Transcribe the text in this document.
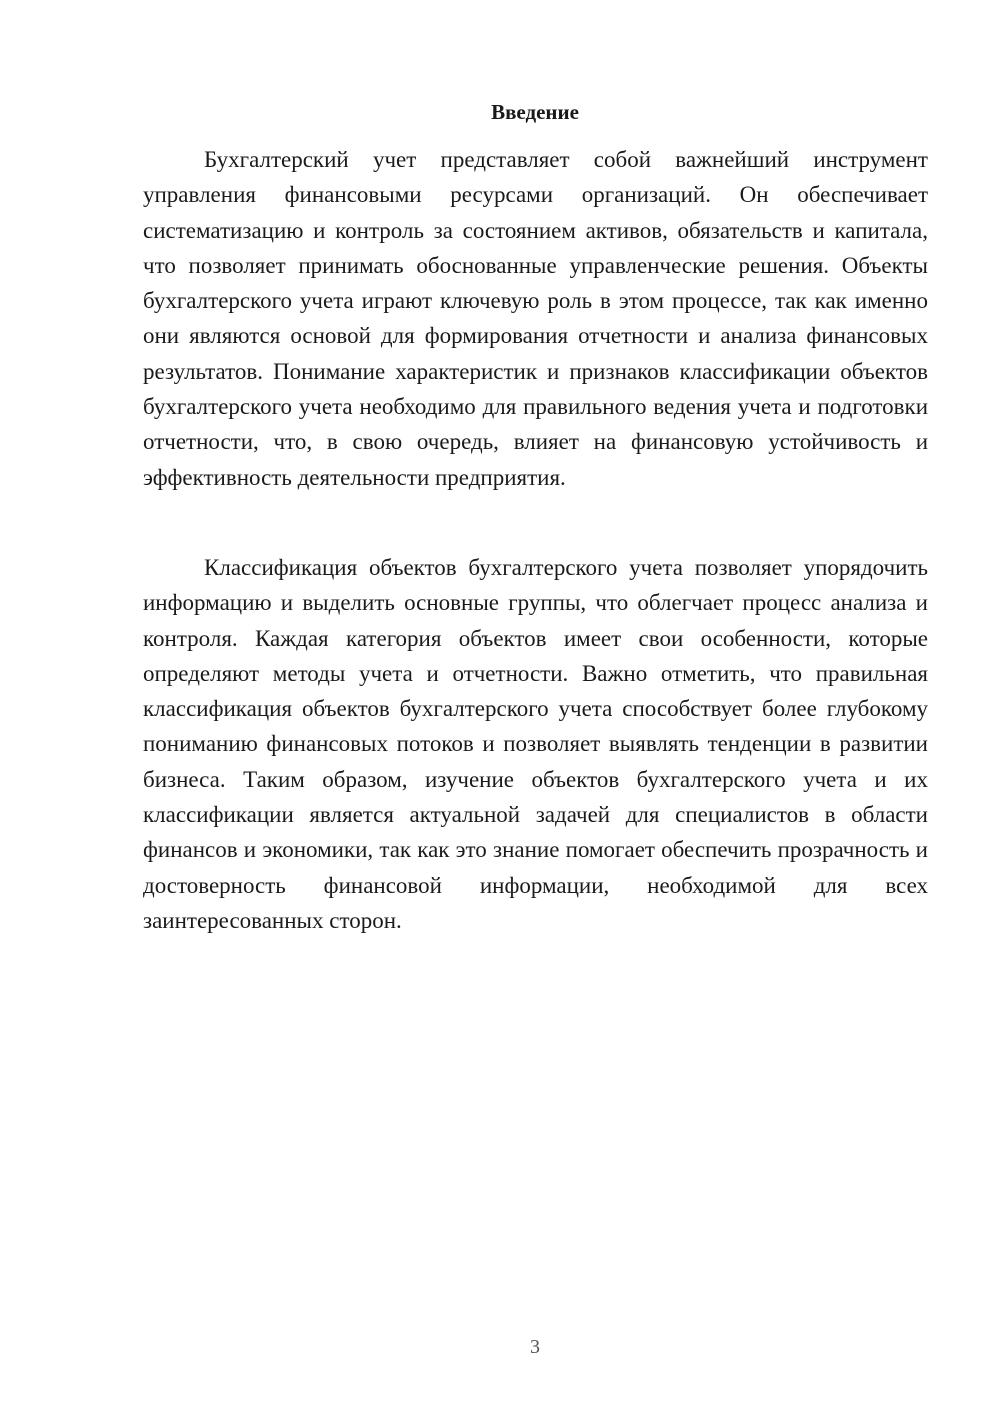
Введение

Бухгалтерский учет представляет собой важнейший инструмент управления финансовыми ресурсами организаций. Он обеспечивает систематизацию и контроль за состоянием активов, обязательств и капитала, что позволяет принимать обоснованные управленческие решения. Объекты бухгалтерского учета играют ключевую роль в этом процессе, так как именно они являются основой для формирования отчетности и анализа финансовых результатов. Понимание характеристик и признаков классификации объектов бухгалтерского учета необходимо для правильного ведения учета и подготовки отчетности, что, в свою очередь, влияет на финансовую устойчивость и эффективность деятельности предприятия.

Классификация объектов бухгалтерского учета позволяет упорядочить информацию и выделить основные группы, что облегчает процесс анализа и контроля. Каждая категория объектов имеет свои особенности, которые определяют методы учета и отчетности. Важно отметить, что правильная классификация объектов бухгалтерского учета способствует более глубокому пониманию финансовых потоков и позволяет выявлять тенденции в развитии бизнеса. Таким образом, изучение объектов бухгалтерского учета и их классификации является актуальной задачей для специалистов в области финансов и экономики, так как это знание помогает обеспечить прозрачность и достоверность финансовой информации, необходимой для всех заинтересованных сторон.

3
